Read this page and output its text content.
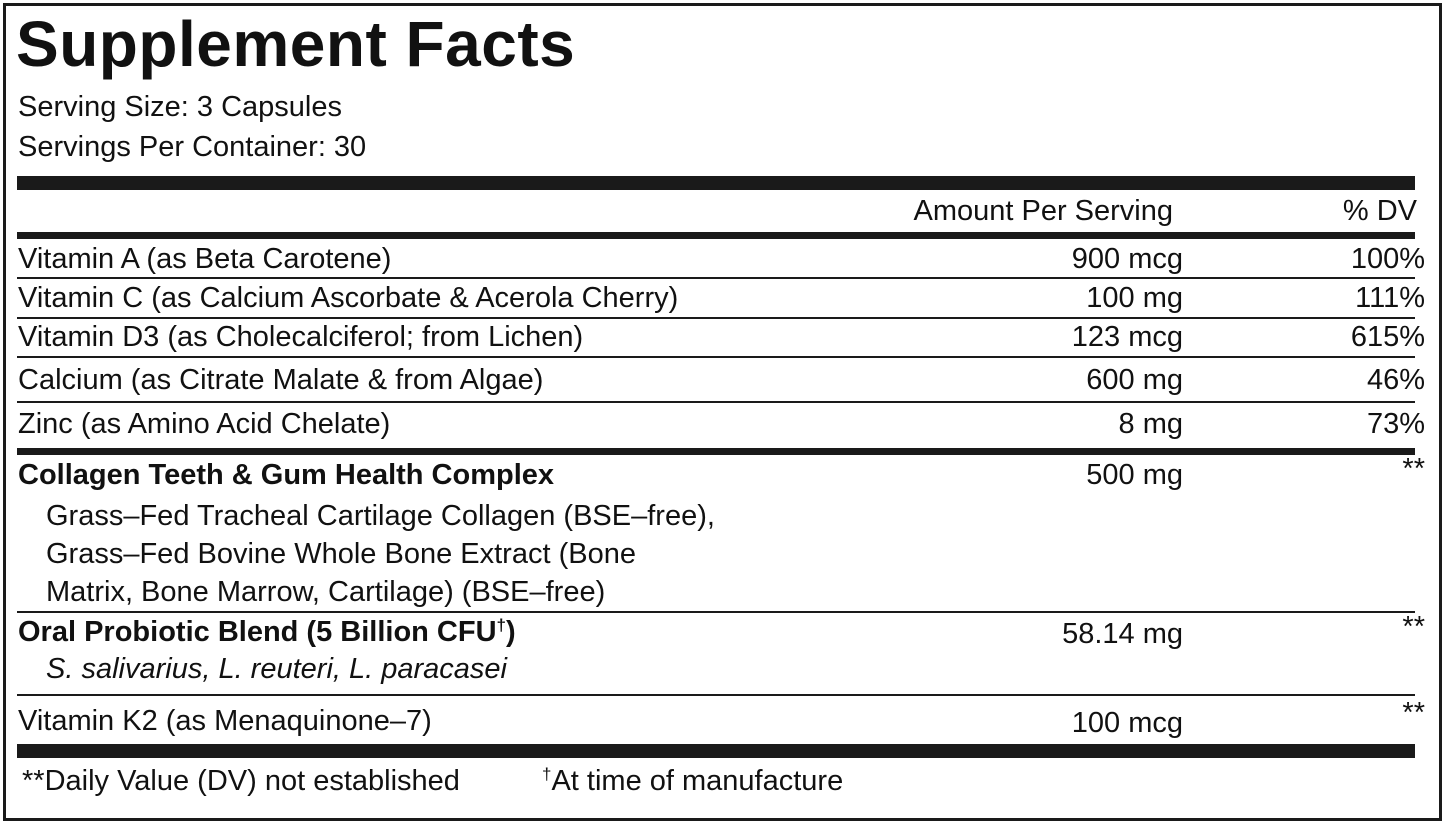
Supplement Facts
Serving Size: 3 Capsules
Servings Per Container: 30
Amount Per Serving	% DV
Vitamin A (as Beta Carotene)	900 mcg	100%
Vitamin C (as Calcium Ascorbate & Acerola Cherry)	100 mg	111%
Vitamin D3 (as Cholecalciferol; from Lichen)	123 mcg	615%
Calcium (as Citrate Malate & from Algae)	600 mg	46%
Zinc (as Amino Acid Chelate)	8 mg	73%
Collagen Teeth & Gum Health Complex	500 mg	**
Grass–Fed Tracheal Cartilage Collagen (BSE–free),
Grass–Fed Bovine Whole Bone Extract (Bone
Matrix, Bone Marrow, Cartilage) (BSE–free)
Oral Probiotic Blend (5 Billion CFU†)	58.14 mg	**
S. salivarius, L. reuteri, L. paracasei
Vitamin K2 (as Menaquinone–7)	100 mcg	**
**Daily Value (DV) not established	†At time of manufacture
